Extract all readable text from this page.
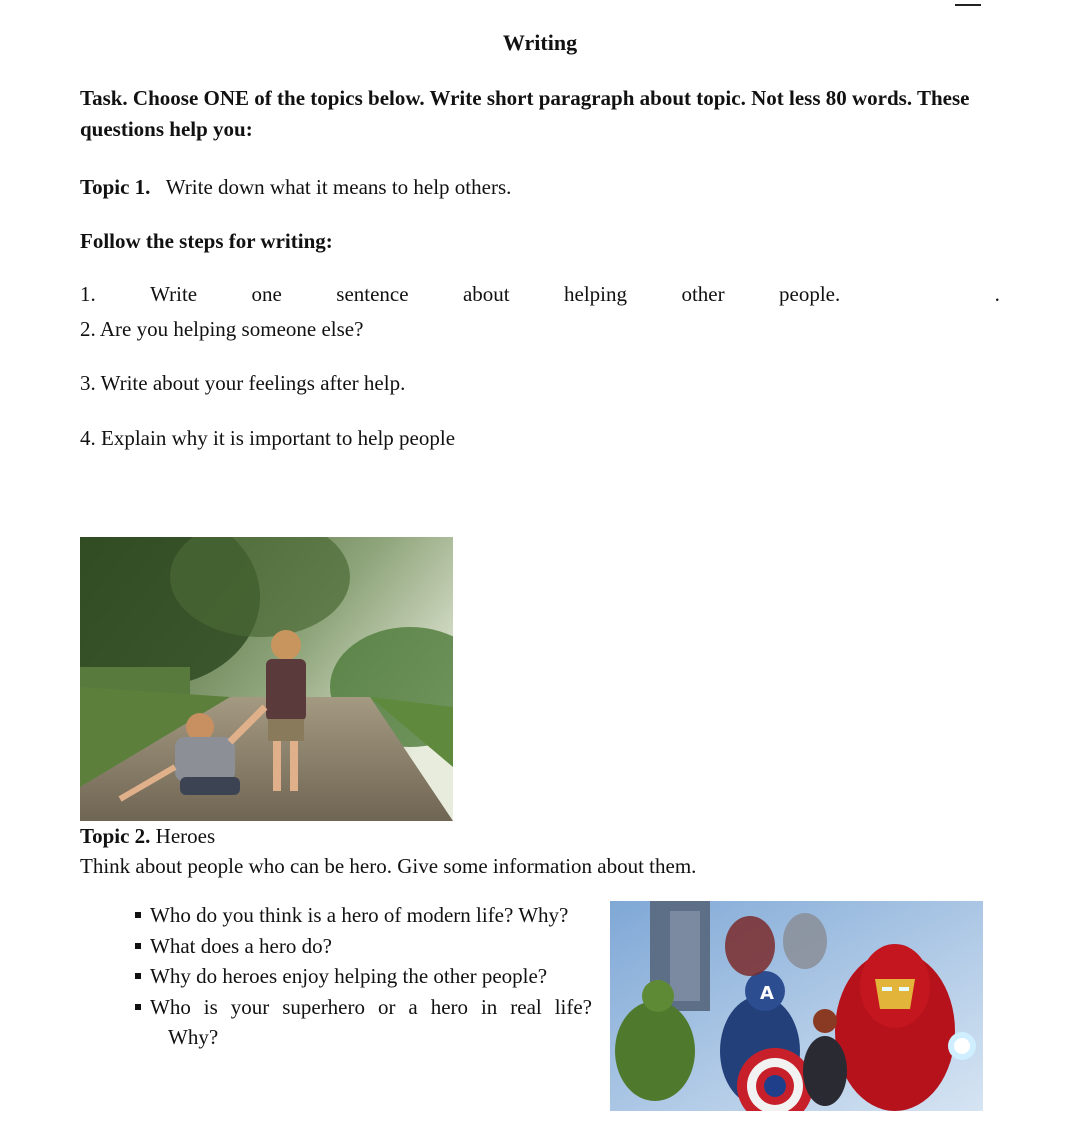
Writing
Task. Choose ONE of the topics below. Write short paragraph about topic. Not less 80 words. These questions help you:
Topic 1. Write down what it means to help others.
Follow the steps for writing:
1.	Write	one	sentence	about	helping	other	people.	.
2. Are you helping someone else?
3. Write about your feelings after help.
4. Explain why it is important to help people
Topic 2. Heroes
Think about people who can be hero. Give some information about them.
Who do you think is a hero of modern life? Why?
What does a hero do?
Why do heroes enjoy helping the other people?
Who is your superhero or a hero in real life?
Why?
A
